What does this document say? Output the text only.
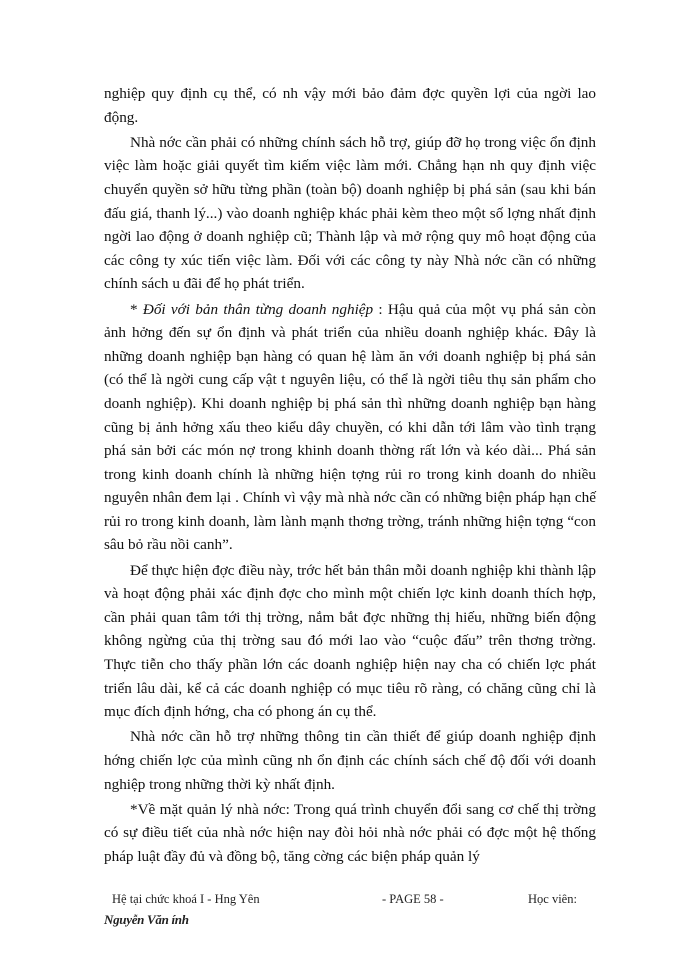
nghiệp quy định cụ thể, có nh vậy mới bảo đảm đợc quyền lợi của ngời lao động.

Nhà nớc cần phải có những chính sách hỗ trợ, giúp đỡ họ trong việc ổn định việc làm hoặc giải quyết tìm kiếm việc làm mới. Chẳng hạn nh quy định việc chuyển quyền sở hữu từng phần (toàn bộ) doanh nghiệp bị phá sản (sau khi bán đấu giá, thanh lý...) vào doanh nghiệp khác phải kèm theo một số lợng nhất định ngời lao động ở doanh nghiệp cũ; Thành lập và mở rộng quy mô hoạt động của các công ty xúc tiến việc làm. Đối với các công ty này Nhà nớc cần có những chính sách u đãi để họ phát triển.

* Đối với bản thân từng doanh nghiệp : Hậu quả của một vụ phá sản còn ảnh hởng đến sự ổn định và phát triển của nhiều doanh nghiệp khác. Đây là những doanh nghiệp bạn hàng có quan hệ làm ăn với doanh nghiệp bị phá sản (có thể là ngời cung cấp vật t nguyên liệu, có thể là ngời tiêu thụ sản phẩm cho doanh nghiệp). Khi doanh nghiệp bị phá sản thì những doanh nghiệp bạn hàng cũng bị ảnh hởng xấu theo kiểu dây chuyền, có khi dẫn tới lâm vào tình trạng phá sản bởi các món nợ trong khinh doanh thờng rất lớn và kéo dài... Phá sản trong kinh doanh chính là những hiện tợng rủi ro trong kinh doanh do nhiều nguyên nhân đem lại . Chính vì vậy mà nhà nớc cần có những biện pháp hạn chế rủi ro trong kinh doanh, làm lành mạnh thơng trờng, tránh những hiện tợng “con sâu bỏ rầu nồi canh”.

Để thực hiện đợc điều này, trớc hết bản thân mỗi doanh nghiệp khi thành lập và hoạt động phải xác định đợc cho mình một chiến lợc kinh doanh thích hợp, cần phải quan tâm tới thị trờng, nắm bắt đợc những thị hiếu, những biến động không ngừng của thị trờng sau đó mới lao vào “cuộc đấu” trên thơng trờng. Thực tiễn cho thấy phần lớn các doanh nghiệp hiện nay cha có chiến lợc phát triển lâu dài, kể cả các doanh nghiệp có mục tiêu rõ ràng, có chăng cũng chỉ là mục đích định hớng, cha có phong án cụ thể.

Nhà nớc cần hỗ trợ những thông tin cần thiết để giúp doanh nghiệp định hớng chiến lợc của mình cũng nh ổn định các chính sách chế độ đối với doanh nghiệp trong những thời kỳ nhất định.

*Về mặt quản lý nhà nớc: Trong quá trình chuyển đổi sang cơ chế thị trờng có sự điều tiết của nhà nớc hiện nay đòi hỏi nhà nớc phải có đợc một hệ thống pháp luật đầy đủ và đồng bộ, tăng cờng các biện pháp quản lý

Hệ tại chức khoá I - Hng Yên	- PAGE 58 -	Học viên:
Nguyễn Văn ính
